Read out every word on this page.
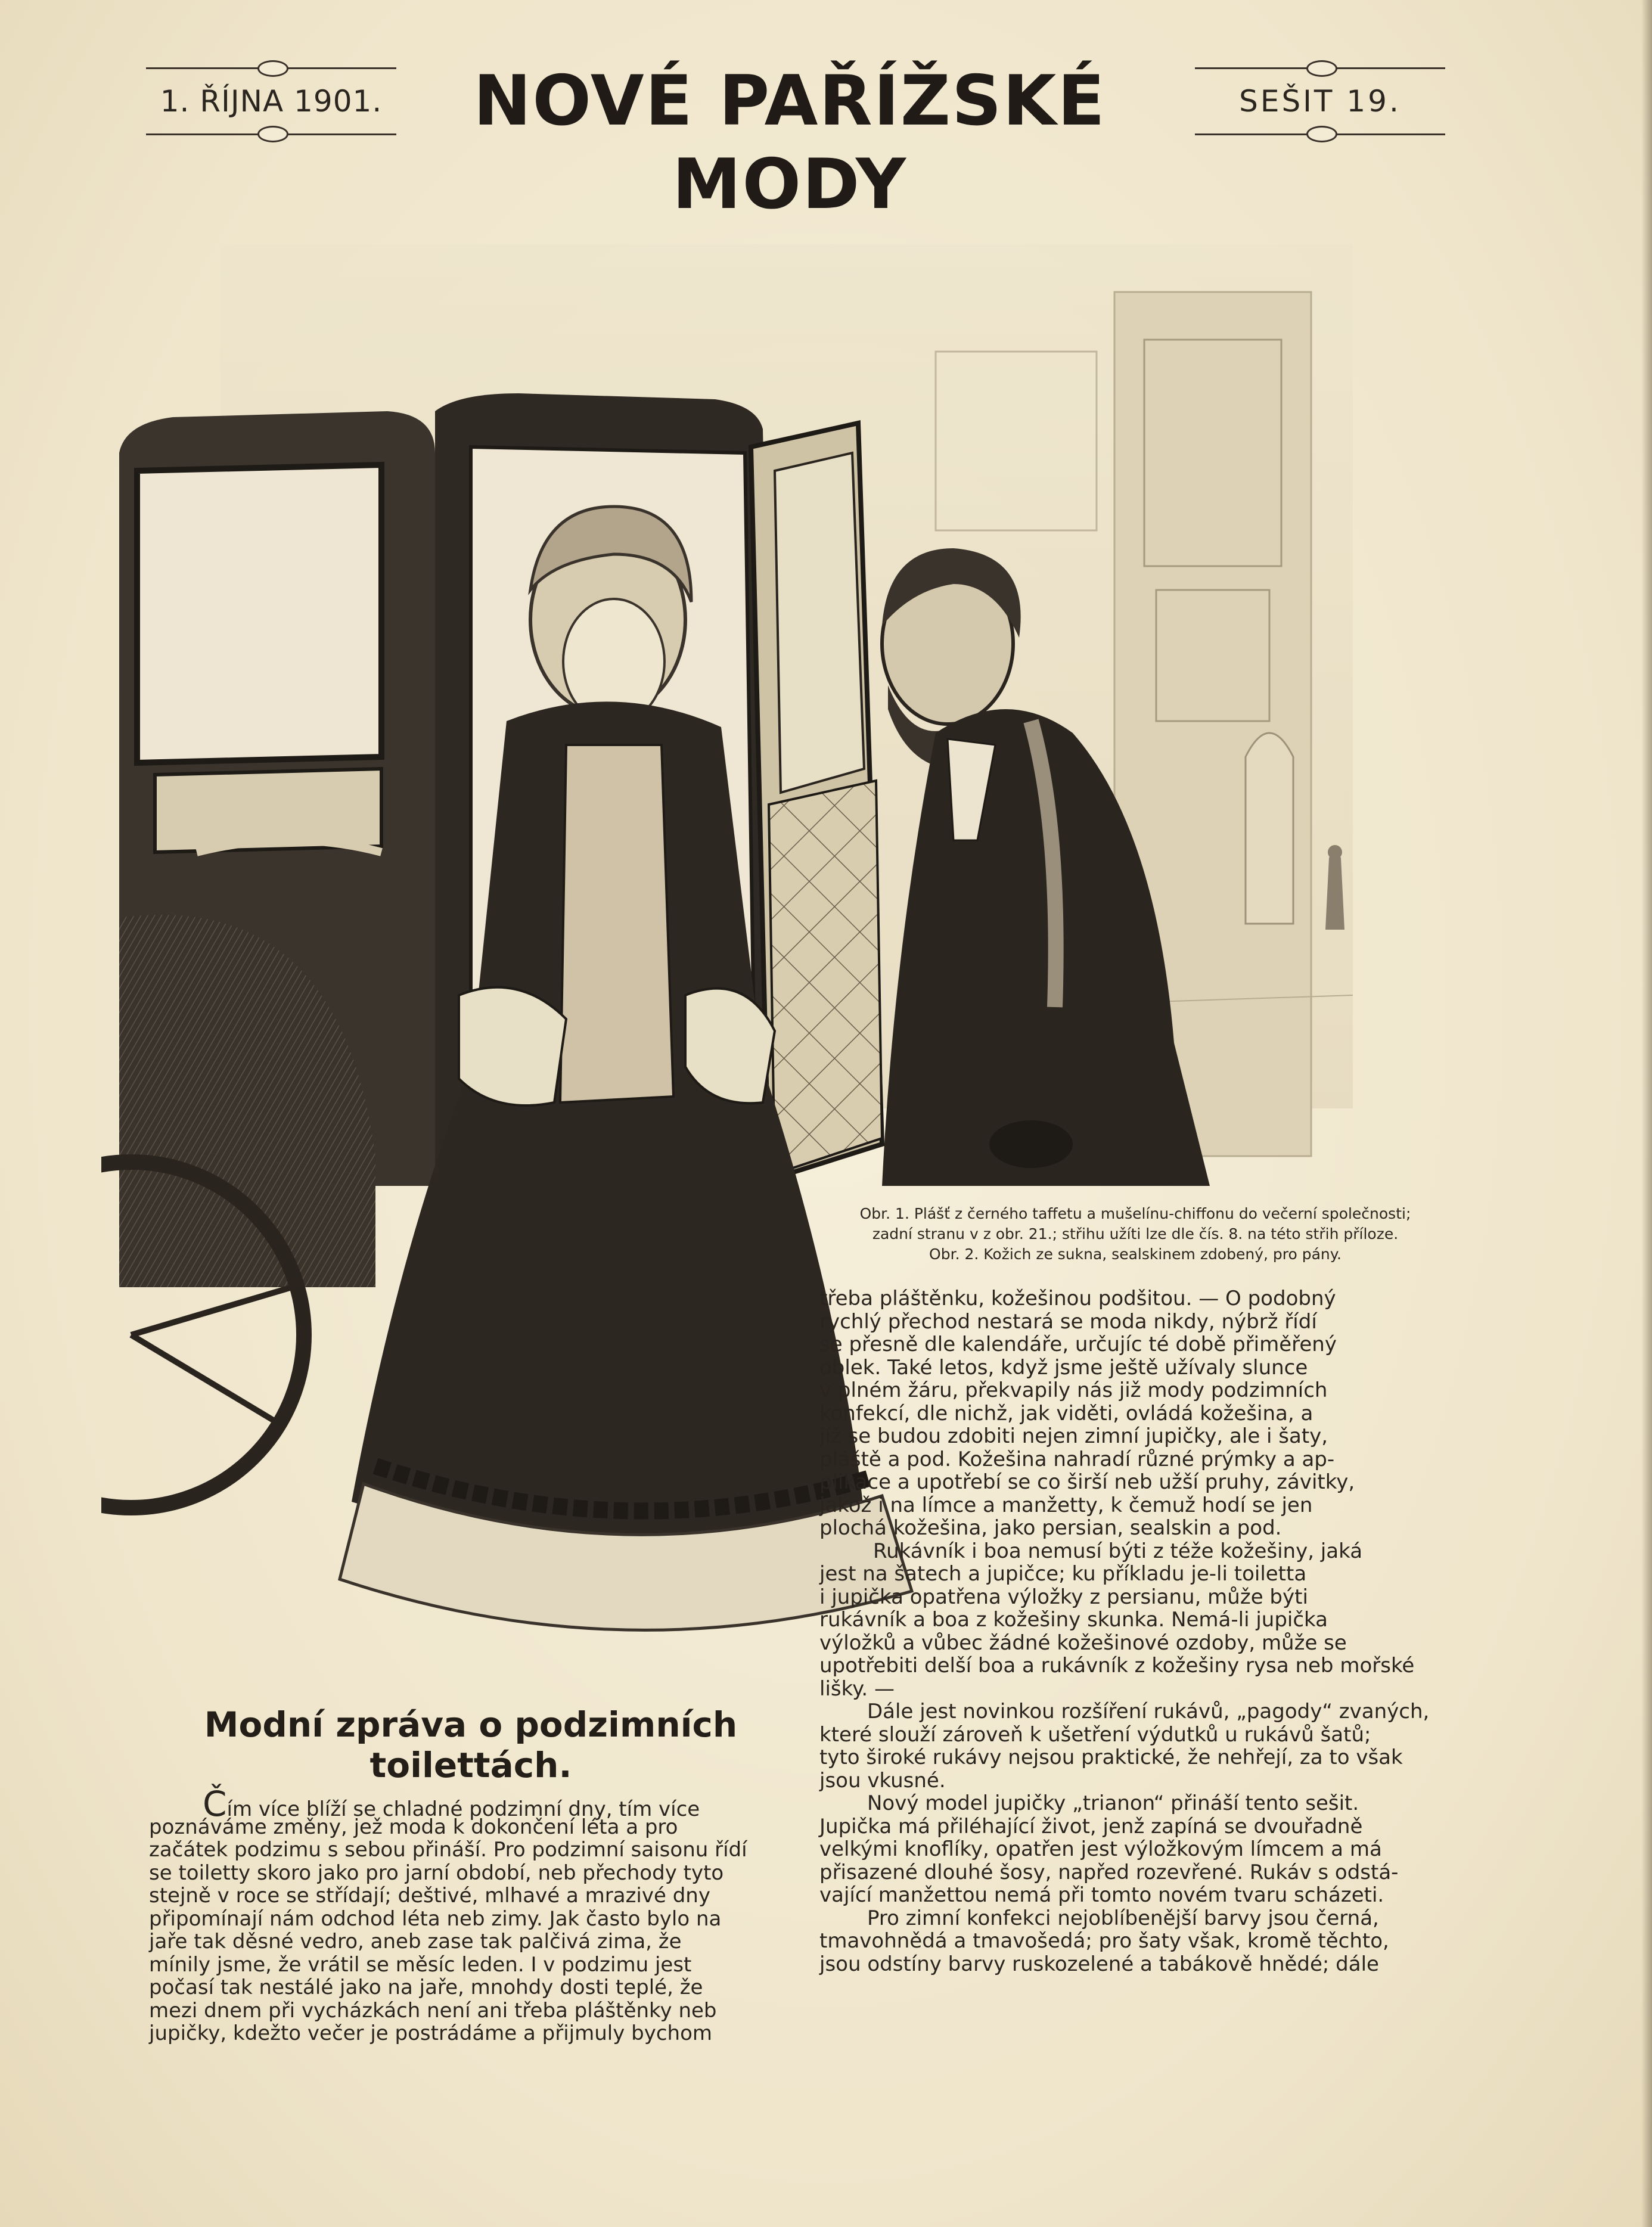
1. ŘÍJNA 1901.	NOVÉ PAŘÍŽSKÉ MODY
SEŠIT 19.
Obr. 1. Plášť z černého taffetu a mušelínu-chiffonu do večerní společnosti;
zadní stranu v z obr. 21.; střihu užíti lze dle čís. 8. na této střih příloze.
Obr. 2. Kožich ze sukna, sealskinem zdobený, pro pány.
Modní zpráva o podzimních toilettách.
Čím více blíží se chladné podzimní dny, tím více
poznáváme změny, jež moda k dokončení léta a pro
začátek podzimu s sebou přináší. Pro podzimní saisonu řídí
se toiletty skoro jako pro jarní období, neb přechody tyto
stejně v roce se střídají; deštivé, mlhavé a mrazivé dny
připomínají nám odchod léta neb zimy. Jak často bylo na
jaře tak děsné vedro, aneb zase tak palčivá zima, že
mínily jsme, že vrátil se měsíc leden. I v podzimu jest
počasí tak nestálé jako na jaře, mnohdy dosti teplé, že
mezi dnem při vycházkách není ani třeba pláštěnky neb
jupičky, kdežto večer je postrádáme a přijmuly bychom
třeba pláštěnku, kožešinou podšitou. — O podobný
rychlý přechod nestará se moda nikdy, nýbrž řídí
se přesně dle kalendáře, určujíc té době přiměřený
oblek. Také letos, když jsme ještě užívaly slunce
v plném žáru, překvapily nás již mody podzimních
konfekcí, dle nichž, jak viděti, ovládá kožešina, a
jíž se budou zdobiti nejen zimní jupičky, ale i šaty,
pláště a pod. Kožešina nahradí různé prýmky a ap-
plikace a upotřebí se co širší neb užší pruhy, závitky,
jakož i na límce a manžetty, k čemuž hodí se jen
plochá kožešina, jako persian, sealskin a pod.
Rukávník i boa nemusí býti z téže kožešiny, jaká
jest na šatech a jupičce; ku příkladu je-li toiletta
i jupička opatřena výložky z persianu, může býti
rukávník a boa z kožešiny skunka. Nemá-li jupička
výložků a vůbec žádné kožešinové ozdoby, může se
upotřebiti delší boa a rukávník z kožešiny rysa neb mořské
lišky. —
Dále jest novinkou rozšíření rukávů, „pagody“ zvaných,
které slouží zároveň k ušetření výdutků u rukávů šatů;
tyto široké rukávy nejsou praktické, že nehřejí, za to však
jsou vkusné.
Nový model jupičky „trianon“ přináší tento sešit.
Jupička má přiléhající život, jenž zapíná se dvouřadně
velkými knoflíky, opatřen jest výložkovým límcem a má
přisazené dlouhé šosy, napřed rozevřené. Rukáv s odstá-
vající manžettou nemá při tomto novém tvaru scházeti.
Pro zimní konfekci nejoblíbenější barvy jsou černá,
tmavohnědá a tmavošedá; pro šaty však, kromě těchto,
jsou odstíny barvy ruskozelené a tabákově hnědé; dále
